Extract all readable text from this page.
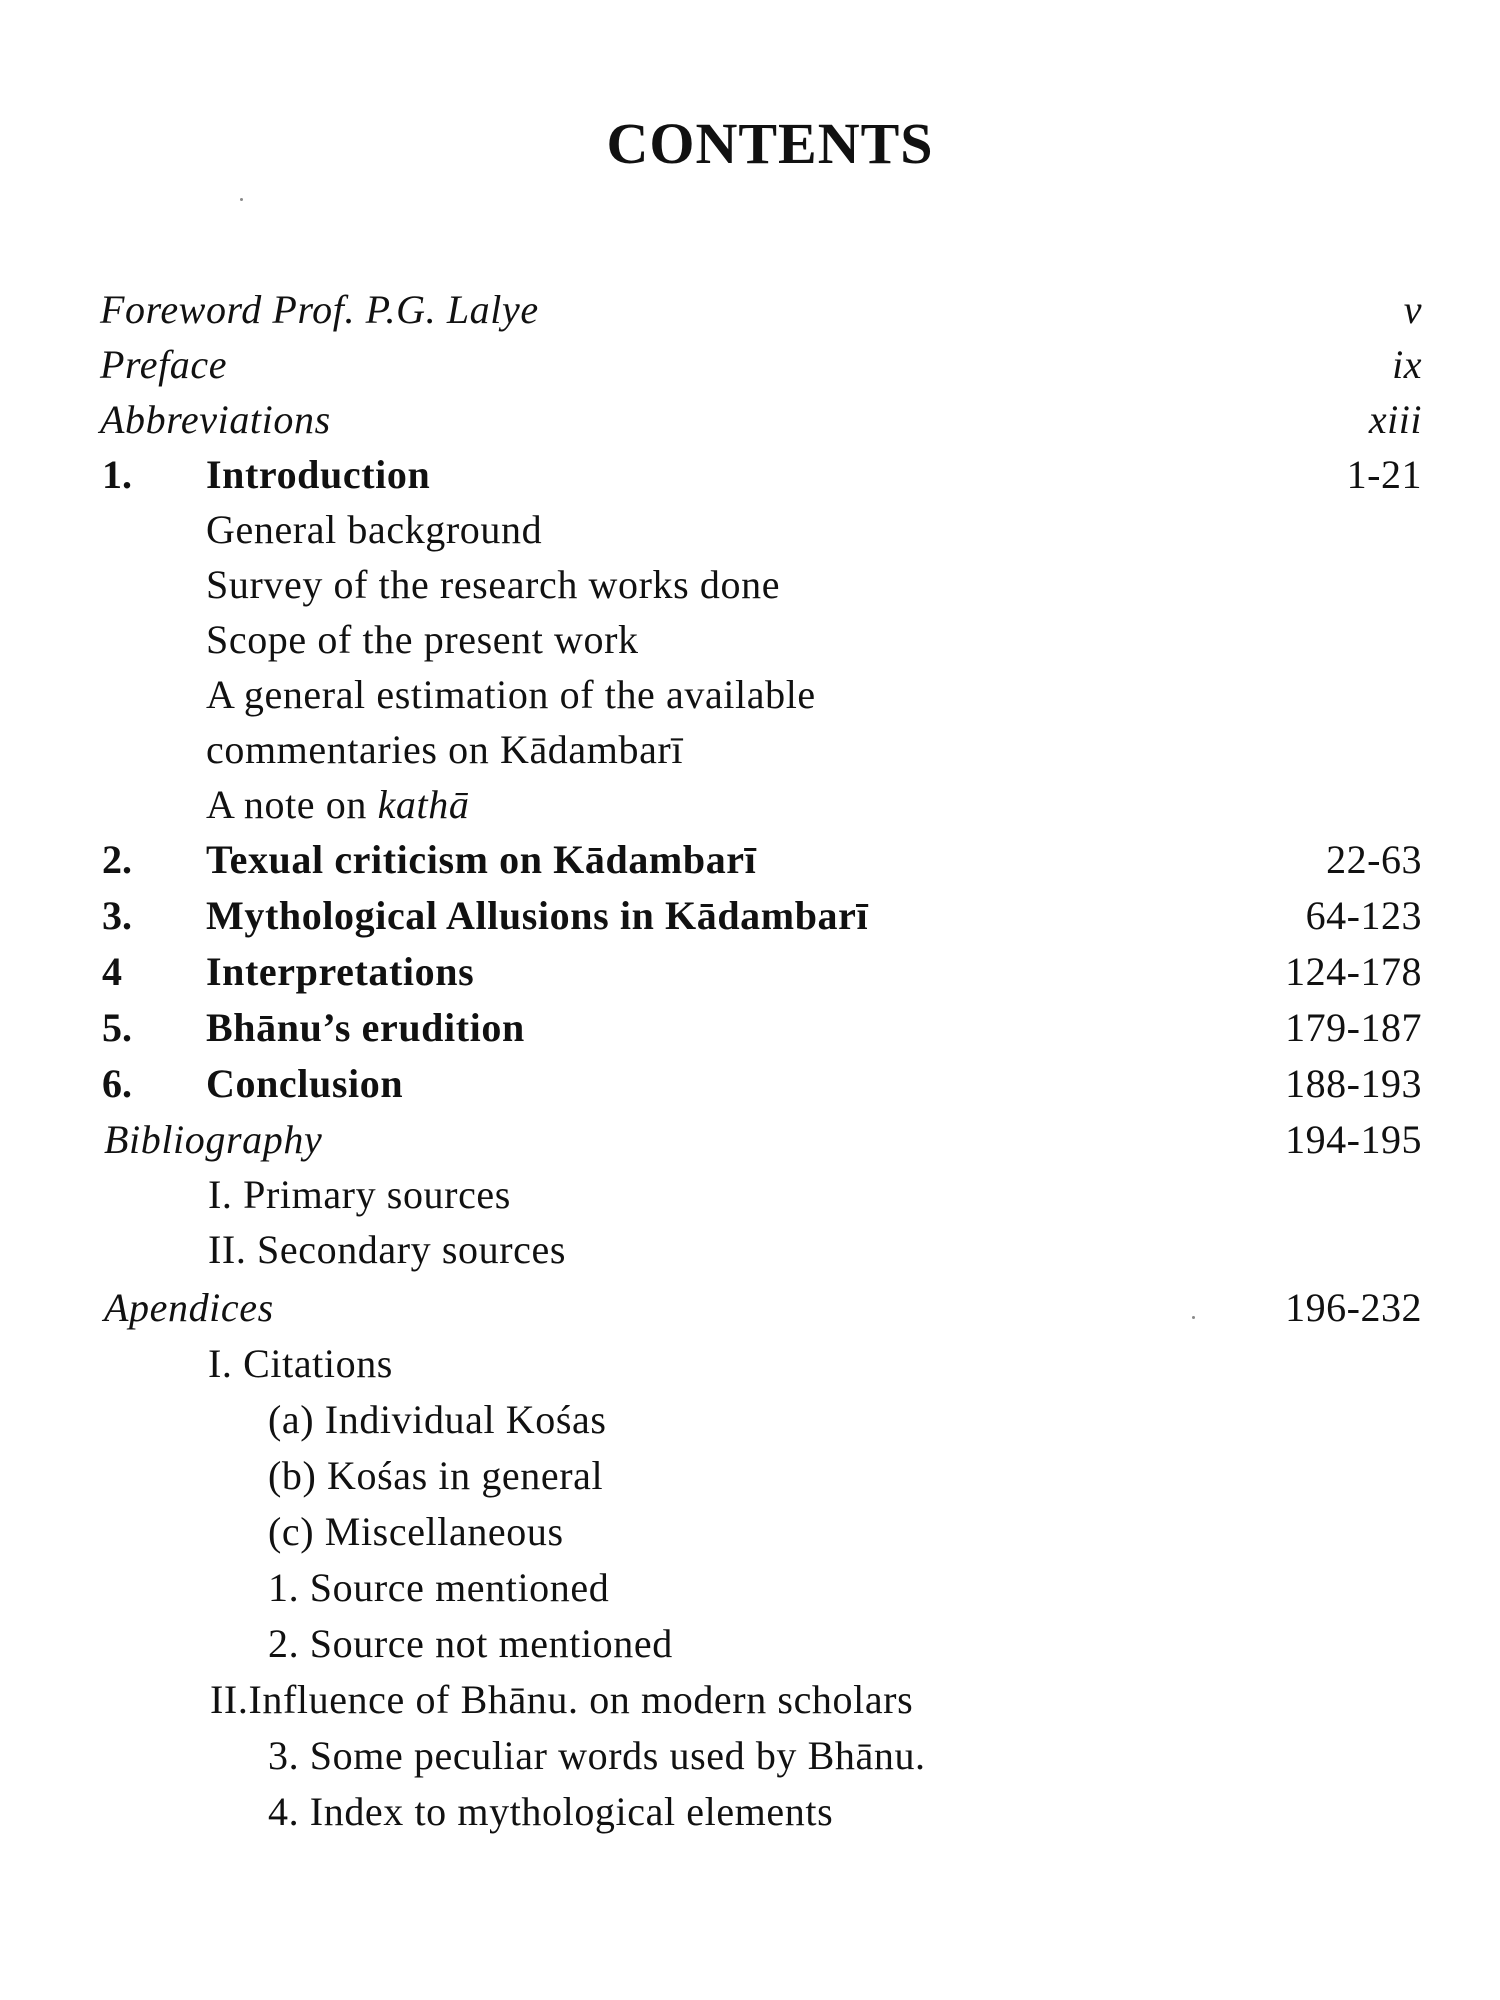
CONTENTS
Foreword Prof. P.G. Lalye	v
Preface	ix
Abbreviations	xiii
1. Introduction	1-21
General background
Survey of the research works done
Scope of the present work
A general estimation of the available
commentaries on Kādambarī
A note on kathā
2. Texual criticism on Kādambarī	22-63
3. Mythological Allusions in Kādambarī	64-123
4 Interpretations	124-178
5. Bhānu’s erudition	179-187
6. Conclusion	188-193
Bibliography	194-195
I. Primary sources
II. Secondary sources
Apendices	196-232
I. Citations
(a) Individual Kośas
(b) Kośas in general
(c) Miscellaneous
1. Source mentioned
2. Source not mentioned
II.Influence of Bhānu. on modern scholars
3. Some peculiar words used by Bhānu.
4. Index to mythological elements
